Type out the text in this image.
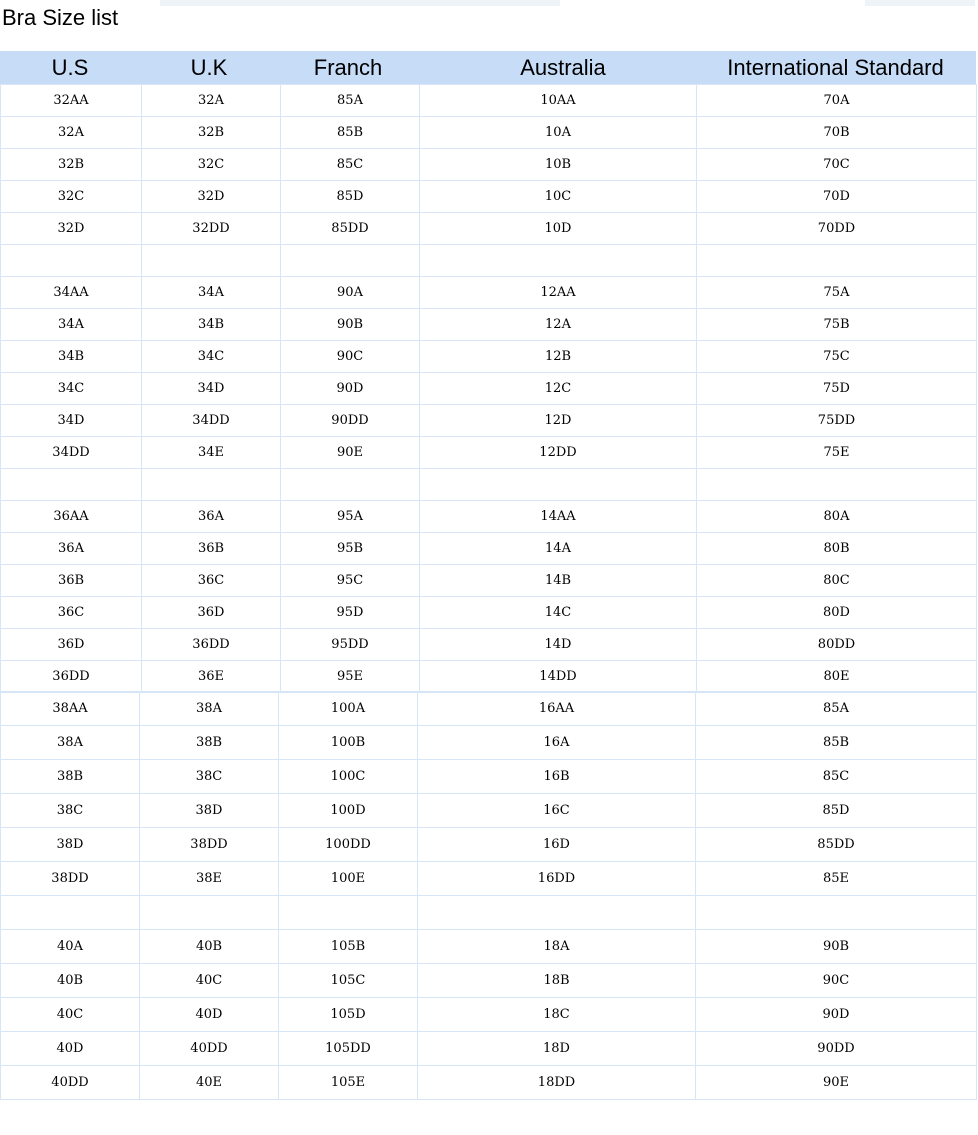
Bra Size list
U.S	U.K	Franch	Australia	International Standard
32AA	32A	85A	10AA	70A
32A	32B	85B	10A	70B
32B	32C	85C	10B	70C
32C	32D	85D	10C	70D
32D	32DD	85DD	10D	70DD

34AA	34A	90A	12AA	75A
34A	34B	90B	12A	75B
34B	34C	90C	12B	75C
34C	34D	90D	12C	75D
34D	34DD	90DD	12D	75DD
34DD	34E	90E	12DD	75E

36AA	36A	95A	14AA	80A
36A	36B	95B	14A	80B
36B	36C	95C	14B	80C
36C	36D	95D	14C	80D
36D	36DD	95DD	14D	80DD
36DD	36E	95E	14DD	80E
38AA	38A	100A	16AA	85A
38A	38B	100B	16A	85B
38B	38C	100C	16B	85C
38C	38D	100D	16C	85D
38D	38DD	100DD	16D	85DD
38DD	38E	100E	16DD	85E

40A	40B	105B	18A	90B
40B	40C	105C	18B	90C
40C	40D	105D	18C	90D
40D	40DD	105DD	18D	90DD
40DD	40E	105E	18DD	90E
